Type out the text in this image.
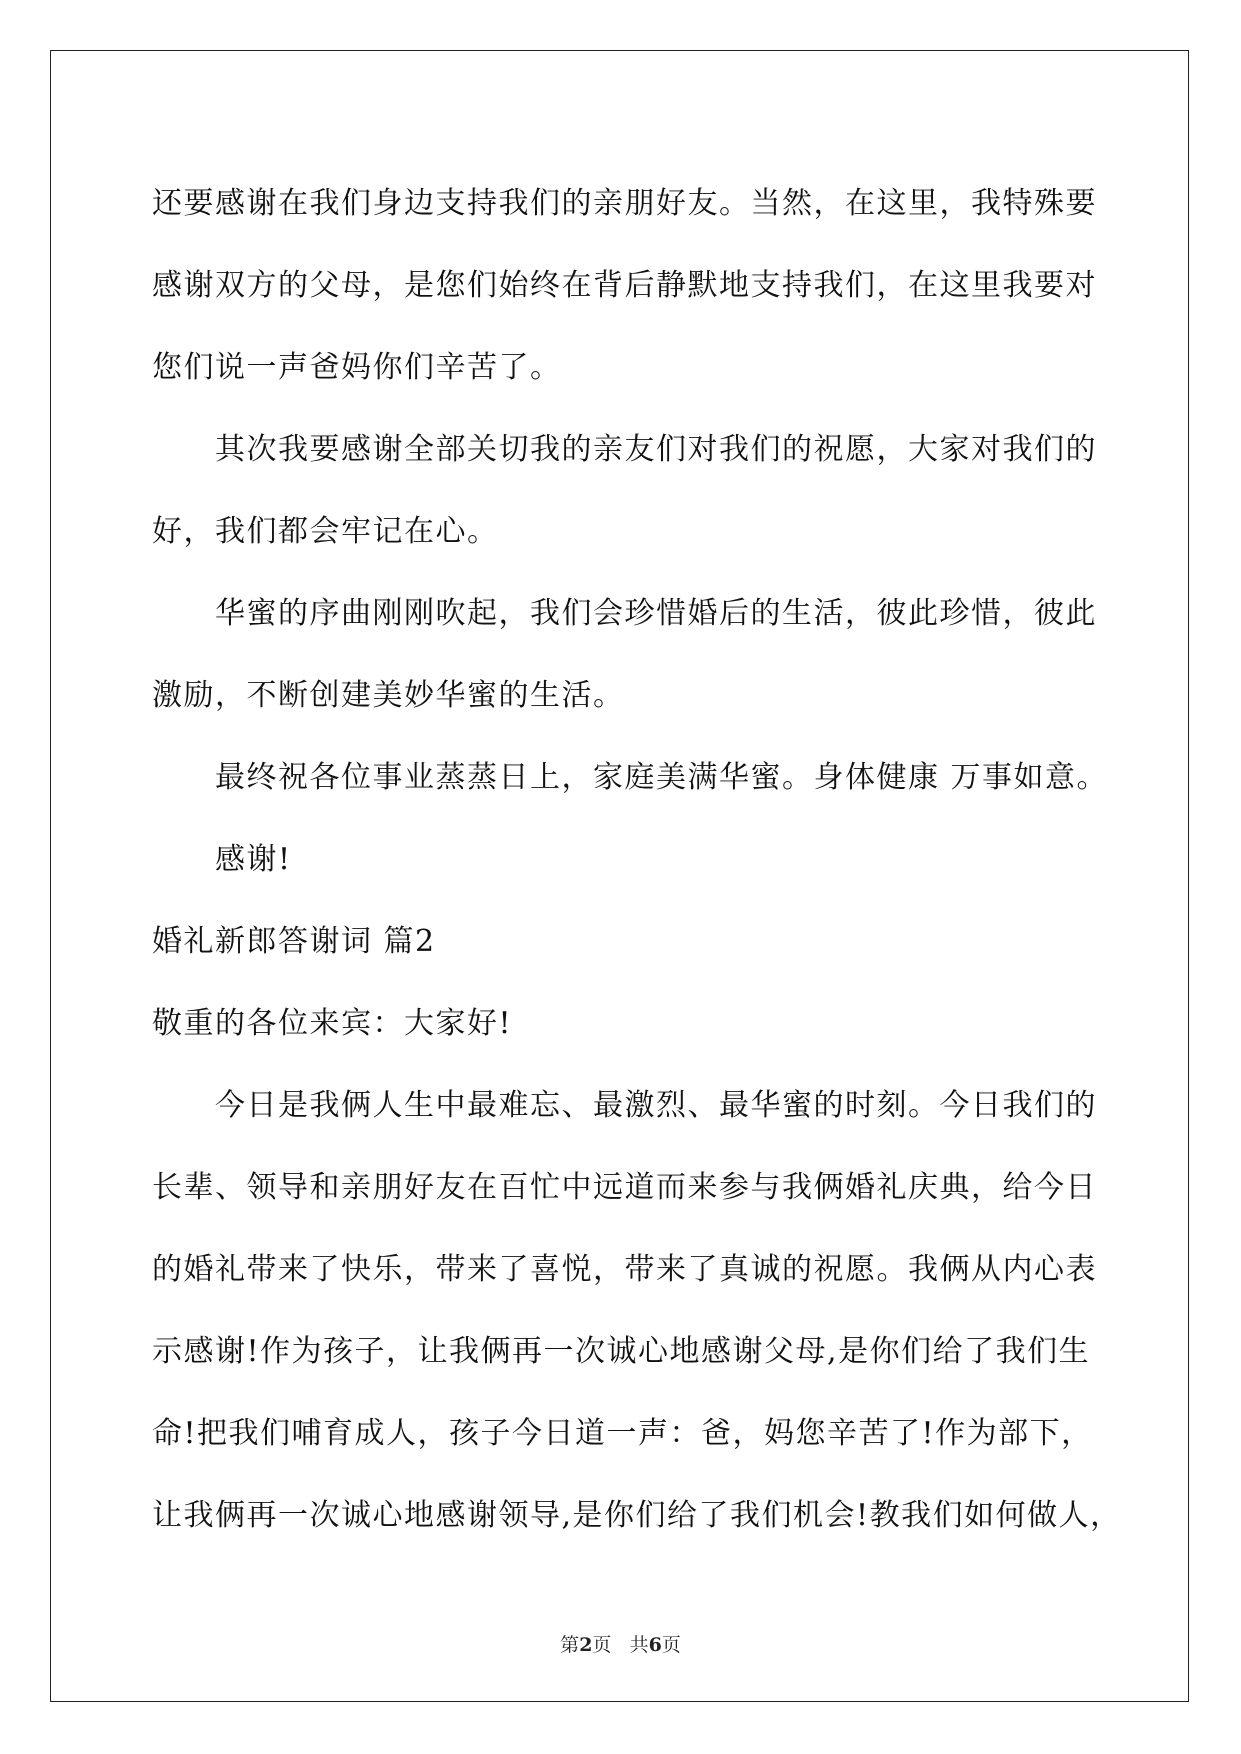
还要感谢在我们身边支持我们的亲朋好友。当然，在这里，我特殊要
感谢双方的父母，是您们始终在背后静默地支持我们，在这里我要对
您们说一声爸妈你们辛苦了。
其次我要感谢全部关切我的亲友们对我们的祝愿，大家对我们的
好，我们都会牢记在心。
华蜜的序曲刚刚吹起，我们会珍惜婚后的生活，彼此珍惜，彼此
激励，不断创建美妙华蜜的生活。
最终祝各位事业蒸蒸日上，家庭美满华蜜。身体健康 万事如意。
感谢!
婚礼新郎答谢词 篇2
敬重的各位来宾：大家好!
今日是我俩人生中最难忘、最激烈、最华蜜的时刻。今日我们的
长辈、领导和亲朋好友在百忙中远道而来参与我俩婚礼庆典，给今日
的婚礼带来了快乐，带来了喜悦，带来了真诚的祝愿。我俩从内心表
示感谢!作为孩子，让我俩再一次诚心地感谢父母,是你们给了我们生
命!把我们哺育成人，孩子今日道一声：爸，妈您辛苦了!作为部下，
让我俩再一次诚心地感谢领导,是你们给了我们机会!教我们如何做人，
第2页 共6页
